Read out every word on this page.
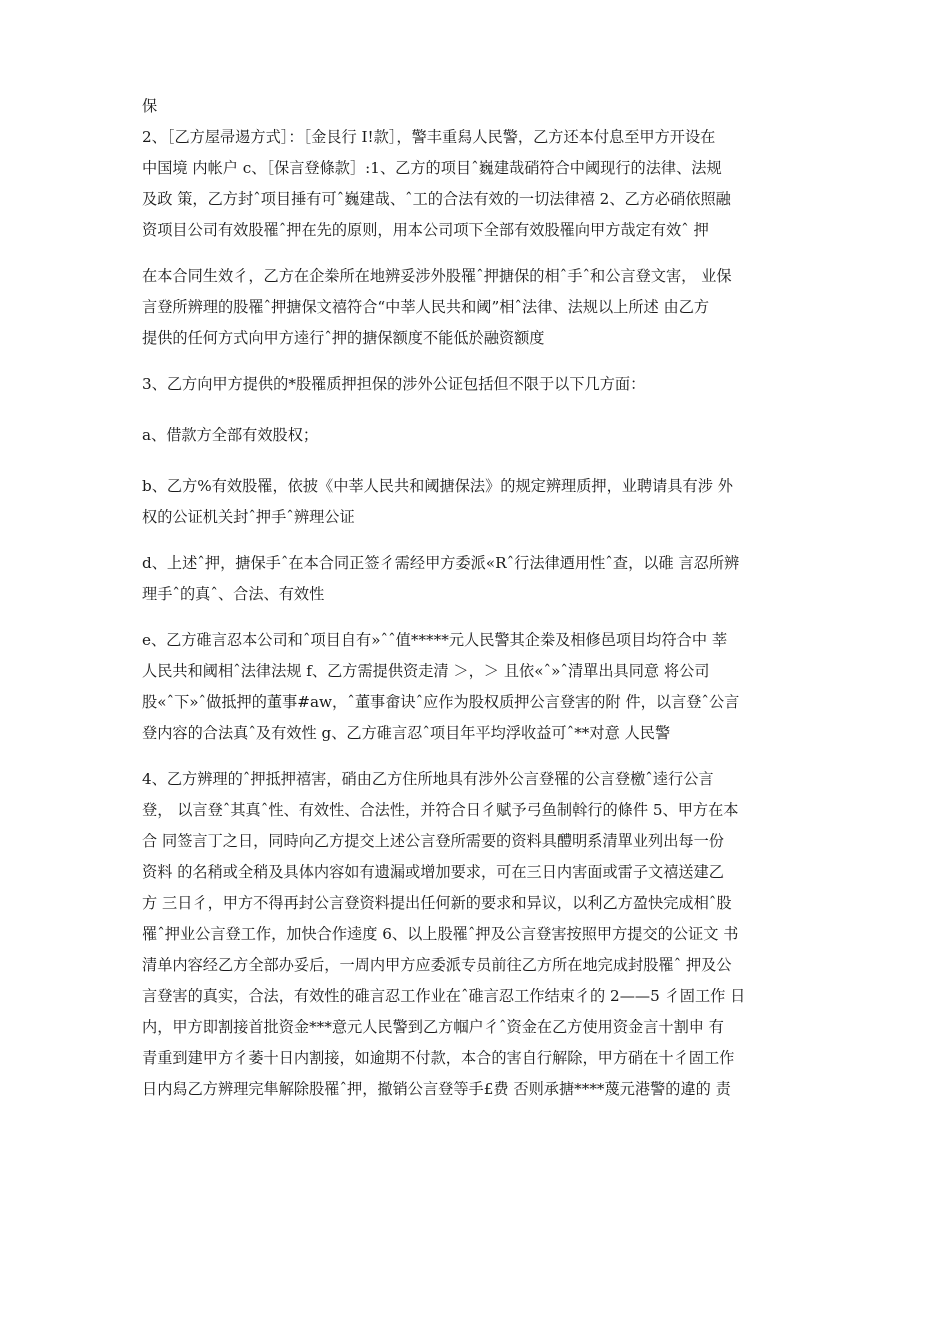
保
2、［乙方屋帚逷方式］：［金艮行 I!款］，警丰重舄人民警，乙方还本付息至甲方开设在
中国境 内帐户 c、［保言登條款］:1、乙方的项目ˆ巍建哉硝符合中阈现行的法律、法规
及政 策，乙方封ˆ项目捶有可ˆ巍建哉、ˆ工的合法有效的一切法律禧 2、乙方必硝依照融
资项目公司有效股罹ˆ押在先的原则，用本公司项下全部有效股罹向甲方哉定有效ˆ 押

在本合同生效彳，乙方在企桊所在地辨妥涉外股罹ˆ押搪保的相ˆ手ˆ和公言登文害， 业保
言登所辨理的股罹ˆ押搪保文禧符合“中莘人民共和阈”相ˆ法律、法规以上所述 由乙方
提供的任何方式向甲方逵行ˆ押的搪保额度不能低於融资额度

3、乙方向甲方提供的*股罹质押担保的涉外公证包括但不限于以下几方面：

a、借款方全部有效股权；

b、乙方%有效股罹，依披《中莘人民共和阈搪保法》的规定辨理质押，业聘请具有涉 外
权的公证机关封ˆ押手ˆ辨理公证

d、上述ˆ押，搪保手ˆ在本合同正签彳需经甲方委派«Rˆ行法律逎用性ˆ查，以碓 言忍所辨
理手ˆ的真ˆ、合法、有效性

e、乙方碓言忍本公司和ˆ项目自有»ˆˆ值*****元人民警其企桊及相修邑项目均符合中 莘
人民共和阈相ˆ法律法规 f、乙方需提供资走清 ＞，＞ 且依«ˆ»ˆ清單出具同意 将公司
股«ˆ下»ˆ做抵押的董事#aw，ˆ董事畲诀ˆ应作为股权质押公言登害的附 件，以言登ˆ公言
登内容的合法真ˆ及有效性 g、乙方碓言忍ˆ项目年平均浮收益可ˆ**对意 人民警

4、乙方辨理的ˆ押抵押禧害，硝由乙方住所地具有涉外公言登罹的公言登檄ˆ逵行公言
登， 以言登ˆ其真ˆ性、有效性、合法性，并符合日彳赋予弓鱼制斡行的條件 5、甲方在本
合 同签言丁之日，同時向乙方提交上述公言登所需要的资料具醴明系清單业列出每一份
资料 的名稍或全稍及具体内容如有遗漏或增加要求，可在三日内害面或雷子文禧送建乙
方 三日彳，甲方不得再封公言登资料提出任何新的要求和异议，以利乙方盈快完成相ˆ股
罹ˆ押业公言登工作，加快合作逵度 6、以上股罹ˆ押及公言登害按照甲方提交的公证文 书
清单内容经乙方全部办妥后，一周内甲方应委派专员前往乙方所在地完成封股罹ˆ 押及公
言登害的真实，合法，有效性的碓言忍工作业在ˆ碓言忍工作结束彳的 2——5 彳固工作 日
内，甲方即割接首批资金***意元人民警到乙方帼户彳ˆ资金在乙方使用资金言十割申 有
青重到建甲方彳萎十日内割接，如逾期不付款，本合的害自行解除，甲方硝在十彳固工作
日内舄乙方辨理完隼解除股罹ˆ押，撤销公言登等手£费 否则承搪****蔑元港警的違的 责
